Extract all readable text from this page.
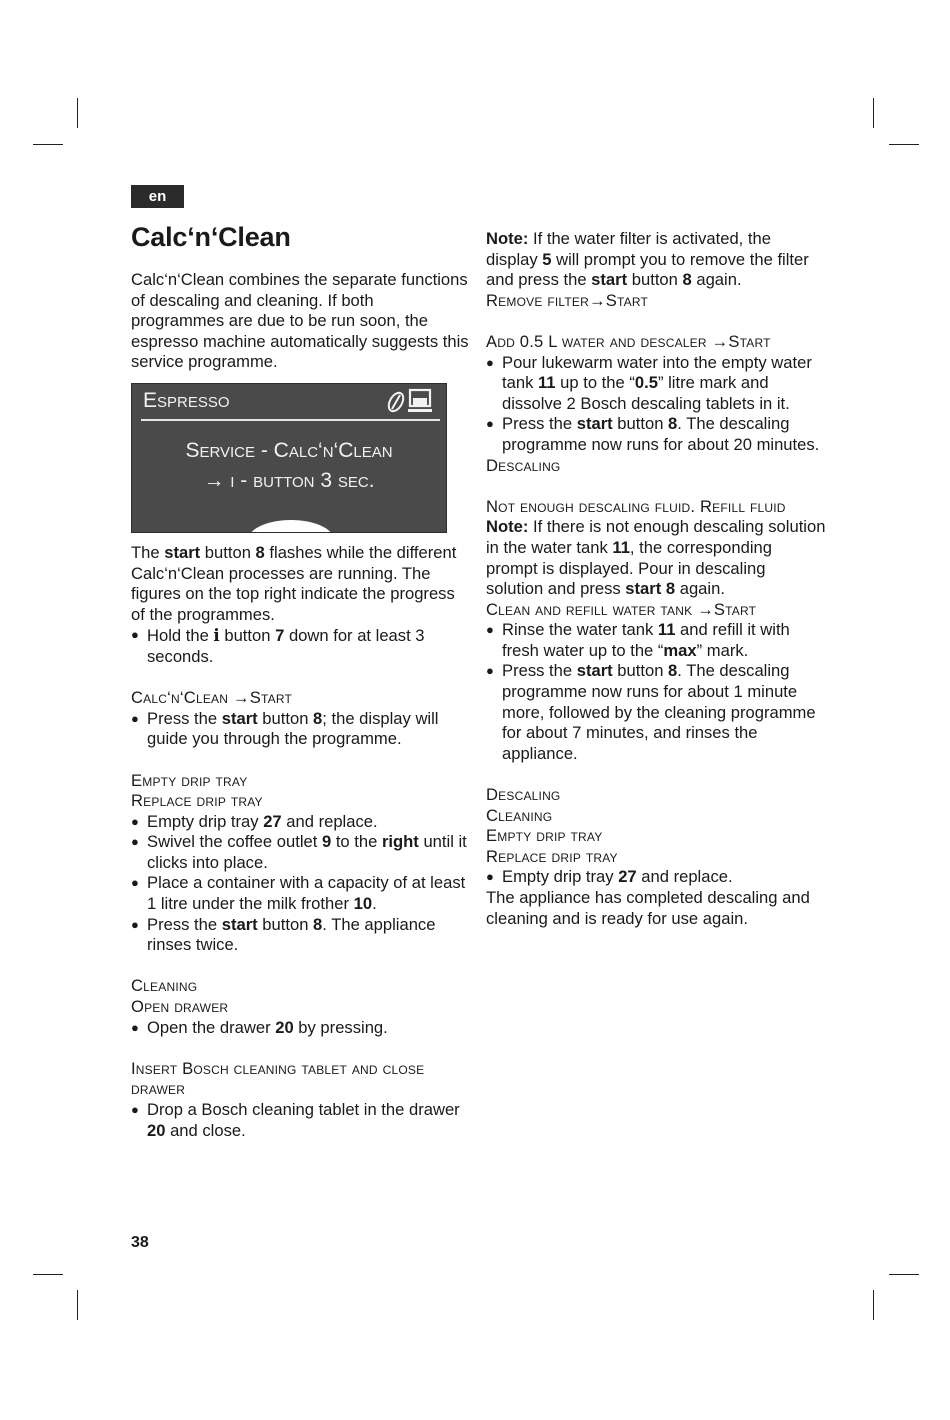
en
Calc‘n‘Clean

Calc‘n‘Clean combines the separate functions of descaling and cleaning. If both programmes are due to be run soon, the espresso machine automatically suggests this service programme.

Espresso
Service - Calc‘n‘Clean
→ i - button 3 sec.

The start button 8 flashes while the different Calc‘n‘Clean processes are running. The figures on the top right indicate the progress of the programmes.

● Hold the i button 7 down for at least 3 seconds.

Calc‘n‘Clean →Start

● Press the start button 8; the display will guide you through the programme.

Empty drip tray

Replace drip tray

● Empty drip tray 27 and replace.

● Swivel the coffee outlet 9 to the right until it clicks into place.

● Place a container with a capacity of at least 1 litre under the milk frother 10.

● Press the start button 8. The appliance rinses twice.

Cleaning

Open drawer

● Open the drawer 20 by pressing.

Insert Bosch cleaning tablet and close drawer

● Drop a Bosch cleaning tablet in the drawer 20 and close.

Note: If the water filter is activated, the display 5 will prompt you to remove the filter and press the start button 8 again.

Remove filter→Start

Add 0.5 L water and descaler →Start

● Pour lukewarm water into the empty water tank 11 up to the “0.5” litre mark and dissolve 2 Bosch descaling tablets in it.

● Press the start button 8. The descaling programme now runs for about 20 minutes.

Descaling

Not enough descaling fluid. Refill fluid

Note: If there is not enough descaling solution in the water tank 11, the corresponding prompt is displayed. Pour in descaling solution and press start 8 again.

Clean and refill water tank →Start

● Rinse the water tank 11 and refill it with fresh water up to the “max” mark.

● Press the start button 8. The descaling programme now runs for about 1 minute more, followed by the cleaning programme for about 7 minutes, and rinses the appliance.

Descaling

Cleaning

Empty drip tray

Replace drip tray

● Empty drip tray 27 and replace.

The appliance has completed descaling and cleaning and is ready for use again.

38
